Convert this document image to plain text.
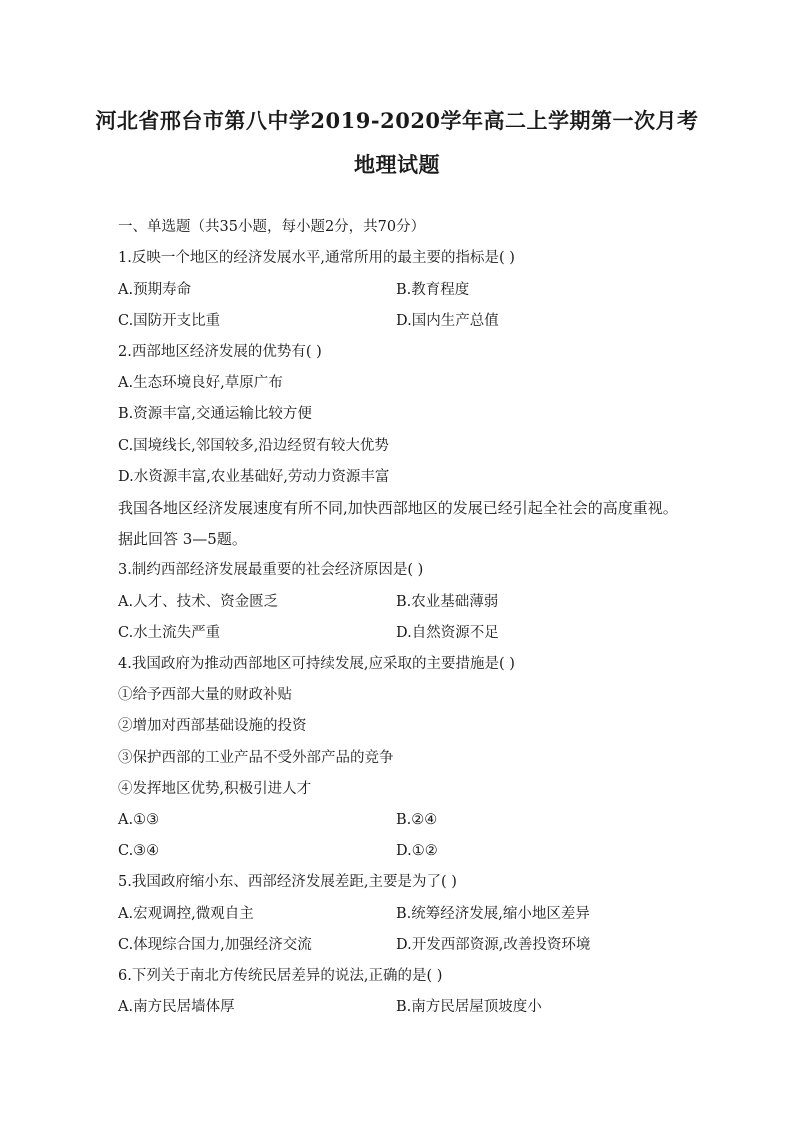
河北省邢台市第八中学2019-2020学年高二上学期第一次月考
地理试题
一、单选题（共35小题，每小题2分，共70分）
1.反映一个地区的经济发展水平,通常所用的最主要的指标是( )
A.预期寿命	B.教育程度
C.国防开支比重	D.国内生产总值
2.西部地区经济发展的优势有( )
A.生态环境良好,草原广布
B.资源丰富,交通运输比较方便
C.国境线长,邻国较多,沿边经贸有较大优势
D.水资源丰富,农业基础好,劳动力资源丰富
我国各地区经济发展速度有所不同,加快西部地区的发展已经引起全社会的高度重视。
据此回答 3—5题。
3.制约西部经济发展最重要的社会经济原因是( )
A.人才、技术、资金匮乏	B.农业基础薄弱
C.水土流失严重	D.自然资源不足
4.我国政府为推动西部地区可持续发展,应采取的主要措施是( )
①给予西部大量的财政补贴
②增加对西部基础设施的投资
③保护西部的工业产品不受外部产品的竞争
④发挥地区优势,积极引进人才
A.①③	B.②④
C.③④	D.①②
5.我国政府缩小东、西部经济发展差距,主要是为了( )
A.宏观调控,微观自主	B.统筹经济发展,缩小地区差异
C.体现综合国力,加强经济交流	D.开发西部资源,改善投资环境
6.下列关于南北方传统民居差异的说法,正确的是( )
A.南方民居墙体厚	B.南方民居屋顶坡度小
